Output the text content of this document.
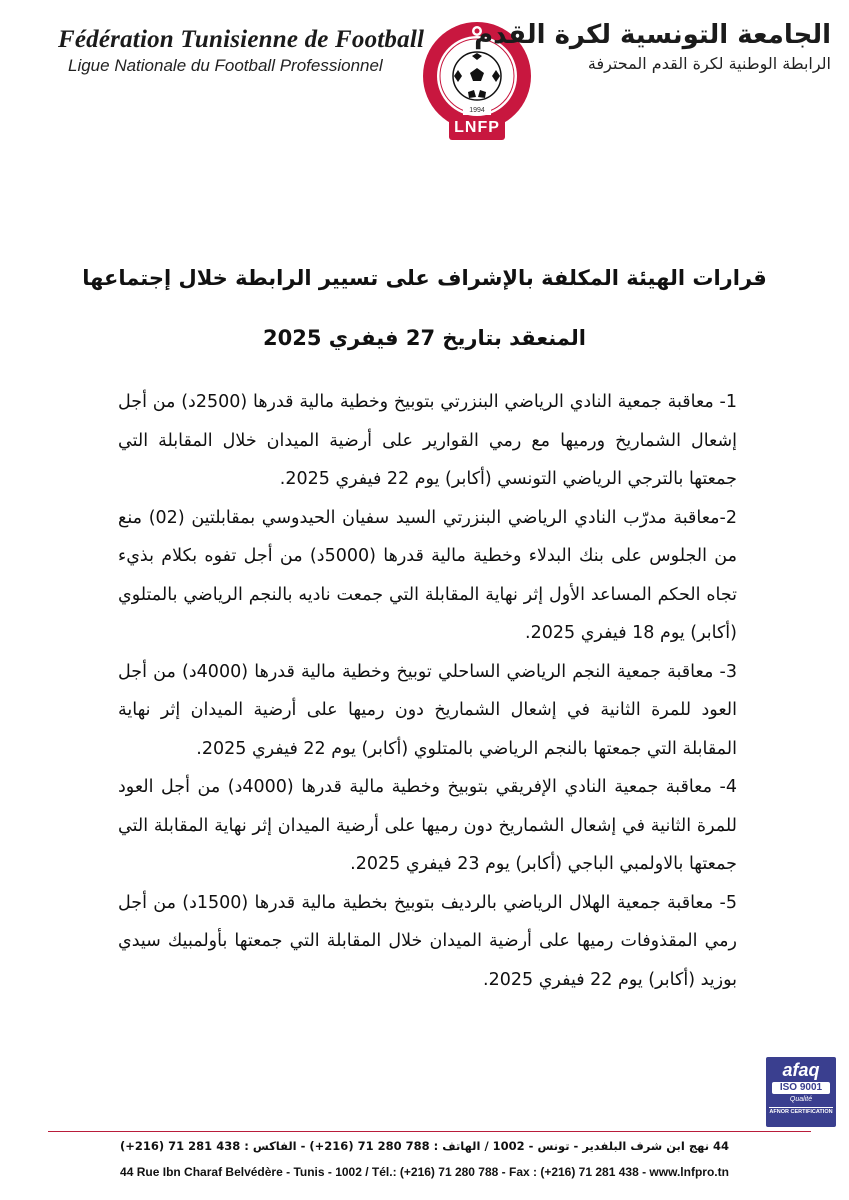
Fédération Tunisienne de Football
Ligue Nationale du Football Professionnel
1994
LNFP
الجامعة التونسية لكرة القدم
الرابطة الوطنية لكرة القدم المحترفة
قرارات الهيئة المكلفة بالإشراف على تسيير الرابطة خلال إجتماعها
المنعقد بتاريخ 27 فيفري 2025

1- معاقبة جمعية النادي الرياضي البنزرتي بتوبيخ وخطية مالية قدرها (2500د) من أجل إشعال الشماريخ ورميها مع رمي القوارير على أرضية الميدان خلال المقابلة التي جمعتها بالترجي الرياضي التونسي (أكابر) يوم 22 فيفري 2025.

2-معاقبة مدرّب النادي الرياضي البنزرتي السيد سفيان الحيدوسي بمقابلتين (02) منع من الجلوس على بنك البدلاء وخطية مالية قدرها (5000د) من أجل تفوه بكلام بذيء تجاه الحكم المساعد الأول إثر نهاية المقابلة التي جمعت ناديه بالنجم الرياضي بالمتلوي (أكابر) يوم 18 فيفري 2025.

3- معاقبة جمعية النجم الرياضي الساحلي توبيخ وخطية مالية قدرها (4000د) من أجل العود للمرة الثانية في إشعال الشماريخ دون رميها على أرضية الميدان إثر نهاية المقابلة التي جمعتها بالنجم الرياضي بالمتلوي (أكابر) يوم 22 فيفري 2025.

4- معاقبة جمعية النادي الإفريقي بتوبيخ وخطية مالية قدرها (4000د) من أجل العود للمرة الثانية في إشعال الشماريخ دون رميها على أرضية الميدان إثر نهاية المقابلة التي جمعتها بالاولمبي الباجي (أكابر) يوم 23 فيفري 2025.

5- معاقبة جمعية الهلال الرياضي بالرديف بتوبيخ بخطية مالية قدرها (1500د) من أجل رمي المقذوفات رميها على أرضية الميدان خلال المقابلة التي جمعتها بأولمبيك سيدي بوزيد (أكابر) يوم 22 فيفري 2025.

afaq
ISO 9001
Qualité
AFNOR CERTIFICATION
44 نهج ابن شرف البلفدير - تونس - 1002 / الهاتف : 788 280 71 (216+) - الفاكس : 438 281 71 (216+)
44 Rue Ibn Charaf Belvédère - Tunis - 1002 / Tél.: (+216) 71 280 788 - Fax : (+216) 71 281 438 - www.lnfpro.tn
